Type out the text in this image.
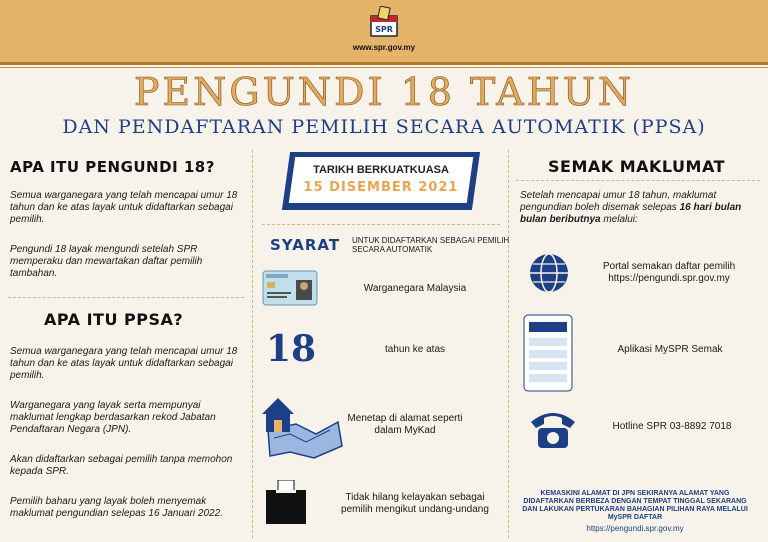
SPR
www.spr.gov.my
PENGUNDI 18 TAHUN
DAN PENDAFTARAN PEMILIH SECARA AUTOMATIK (PPSA)
APA ITU PENGUNDI 18?
Semua warganegara yang telah mencapai umur 18 tahun dan ke atas layak untuk didaftarkan sebagai pemilih.
Pengundi 18 layak mengundi setelah SPR memperaku dan mewartakan daftar pemilih tambahan.
APA ITU PPSA?
Semua warganegara yang telah mencapai umur 18 tahun dan ke atas layak untuk didaftarkan sebagai pemilih.
Warganegara yang layak serta mempunyai maklumat lengkap berdasarkan rekod Jabatan Pendaftaran Negara (JPN).
Akan didaftarkan sebagai pemilih tanpa memohon kepada SPR.
Pemilih baharu yang layak boleh menyemak maklumat pengundian selepas 16 Januari 2022.
TARIKH BERKUATKUASA
15 DISEMBER 2021
SYARAT UNTUK DIDAFTARKAN SEBAGAI PEMILIH SECARA AUTOMATIK
Warganegara Malaysia
18	tahun ke atas
Menetap di alamat seperti dalam MyKad
Tidak hilang kelayakan sebagai pemilih mengikut undang-undang
SEMAK MAKLUMAT
Setelah mencapai umur 18 tahun, maklumat pengundian boleh disemak selepas 16 hari bulan bulan beributnya melalui:
Portal semakan daftar pemilih https://pengundi.spr.gov.my
Aplikasi MySPR Semak
Hotline SPR 03-8892 7018
KEMASKINI ALAMAT DI JPN SEKIRANYA ALAMAT YANG DIDAFTARKAN BERBEZA DENGAN TEMPAT TINGGAL SEKARANG DAN LAKUKAN PERTUKARAN BAHAGIAN PILIHAN RAYA MELALUI MySPR DAFTAR
https://pengundi.spr.gov.my
